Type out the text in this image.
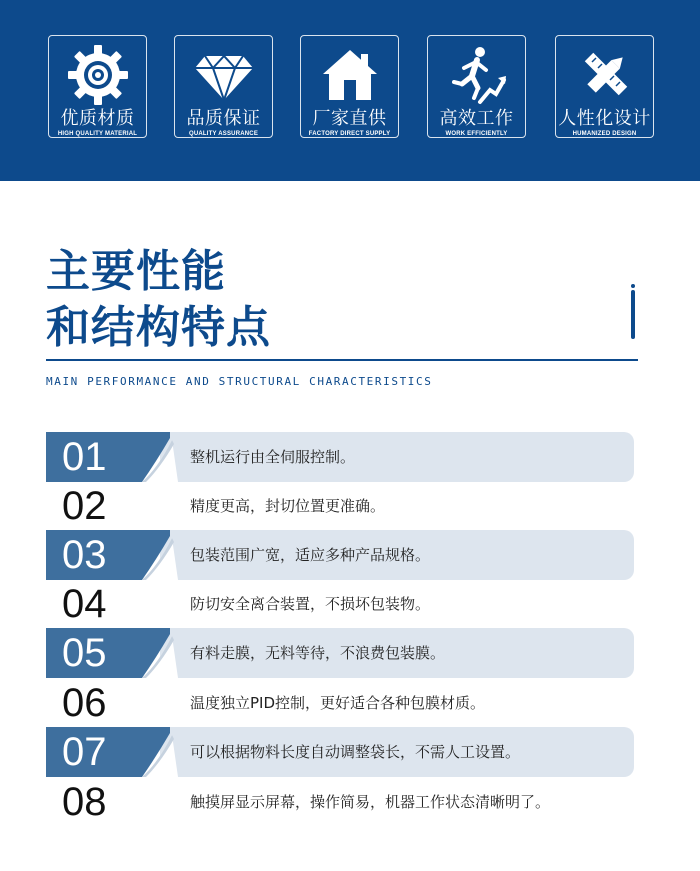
优质材质
HIGH QUALITY MATERIAL
品质保证
QUALITY ASSURANCE
厂家直供
FACTORY DIRECT SUPPLY
高效工作
WORK EFFICIENTLY
人性化设计
HUMANIZED DESIGN
主要性能
和结构特点
MAIN PERFORMANCE AND STRUCTURAL CHARACTERISTICS
01	整机运行由全伺服控制。
02	精度更高，封切位置更准确。
03	包装范围广宽，适应多种产品规格。
04	防切安全离合装置，不损坏包装物。
05	有料走膜，无料等待，不浪费包装膜。
06	温度独立PID控制，更好适合各种包膜材质。
07	可以根据物料长度自动调整袋长，不需人工设置。
08	触摸屏显示屏幕，操作简易，机器工作状态清晰明了。
